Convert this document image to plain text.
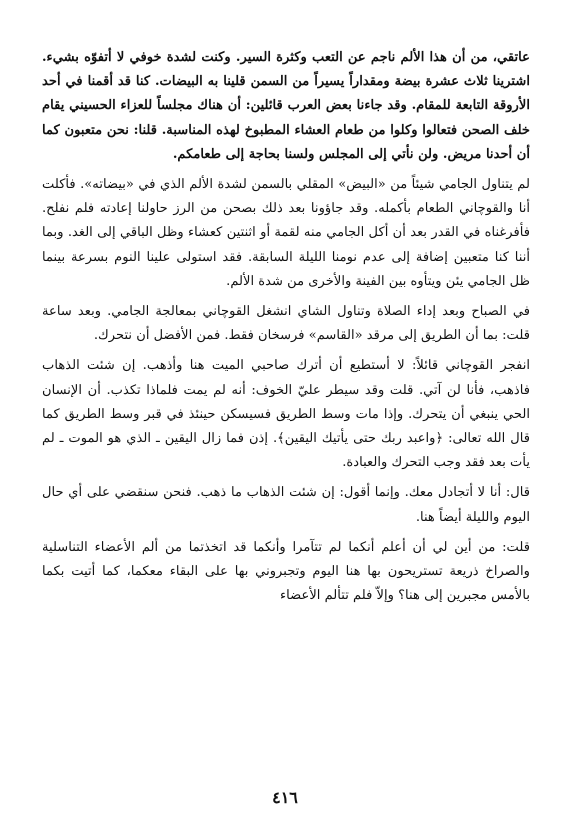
عاتقي، من أن هذا الألم ناجم عن التعب وكثرة السير. وكنت لشدة خوفي لا أتفوّه بشيء. اشترينا ثلاث عشرة بيضة ومقداراً يسيراً من السمن قلينا به البيضات. كنا قد أقمنا في أحد الأروقة التابعة للمقام. وقد جاءنا بعض العرب قائلين: أن هناك مجلساً للعزاء الحسيني يقام خلف الصحن فتعالوا وكلوا من طعام العشاء المطبوخ لهذه المناسبة. قلنا: نحن متعبون كما أن أحدنا مريض. ولن نأتي إلى المجلس ولسنا بحاجة إلى طعامكم.

لم يتناول الجامي شيئاً من «البيض» المقلي بالسمن لشدة الألم الذي في «بيضاته». فأكلت أنا والقوچاني الطعام بأكمله. وقد جاؤونا بعد ذلك بصحن من الرز حاولنا إعادته فلم نفلح. فأفرغناه في القدر بعد أن أكل الجامي منه لقمة أو اثنتين كعشاء وظل الباقي إلى الغد. وبما أننا كنا متعبين إضافة إلى عدم نومنا الليلة السابقة. فقد استولى علينا النوم بسرعة بينما ظل الجامي يئن ويتأوه بين الفينة والأخرى من شدة الألم.

في الصباح وبعد إداء الصلاة وتناول الشاي انشغل القوچاني بمعالجة الجامي. وبعد ساعة قلت: بما أن الطريق إلى مرقد «القاسم» فرسخان فقط. فمن الأفضل أن نتحرك.

انفجر القوچاني قائلاً: لا أستطيع أن أترك صاحبي الميت هنا وأذهب. إن شئت الذهاب فاذهب، فأنا لن آتي. قلت وقد سيطر عليّ الخوف: أنه لم يمت فلماذا تكذب. أن الإنسان الحي ينبغي أن يتحرك. وإذا مات وسط الطريق فسيسكن حينئذ في قبر وسط الطريق كما قال الله تعالى: ﴿واعبد ربك حتى يأتيك اليقين﴾. إذن فما زال اليقين ـ الذي هو الموت ـ لم يأت بعد فقد وجب التحرك والعبادة.

قال: أنا لا أتجادل معك. وإنما أقول: إن شئت الذهاب ما ذهب. فنحن سنقضي على أي حال اليوم والليلة أيضاً هنا.

قلت: من أين لي أن أعلم أنكما لم تتآمرا وأنكما قد اتخذتما من ألم الأعضاء التناسلية والصراخ ذريعة تستريحون بها هنا اليوم وتجبروني بها على البقاء معكما، كما أتيت بكما بالأمس مجبرين إلى هنا؟ وإلاّ فلم تتألم الأعضاء

٤١٦
